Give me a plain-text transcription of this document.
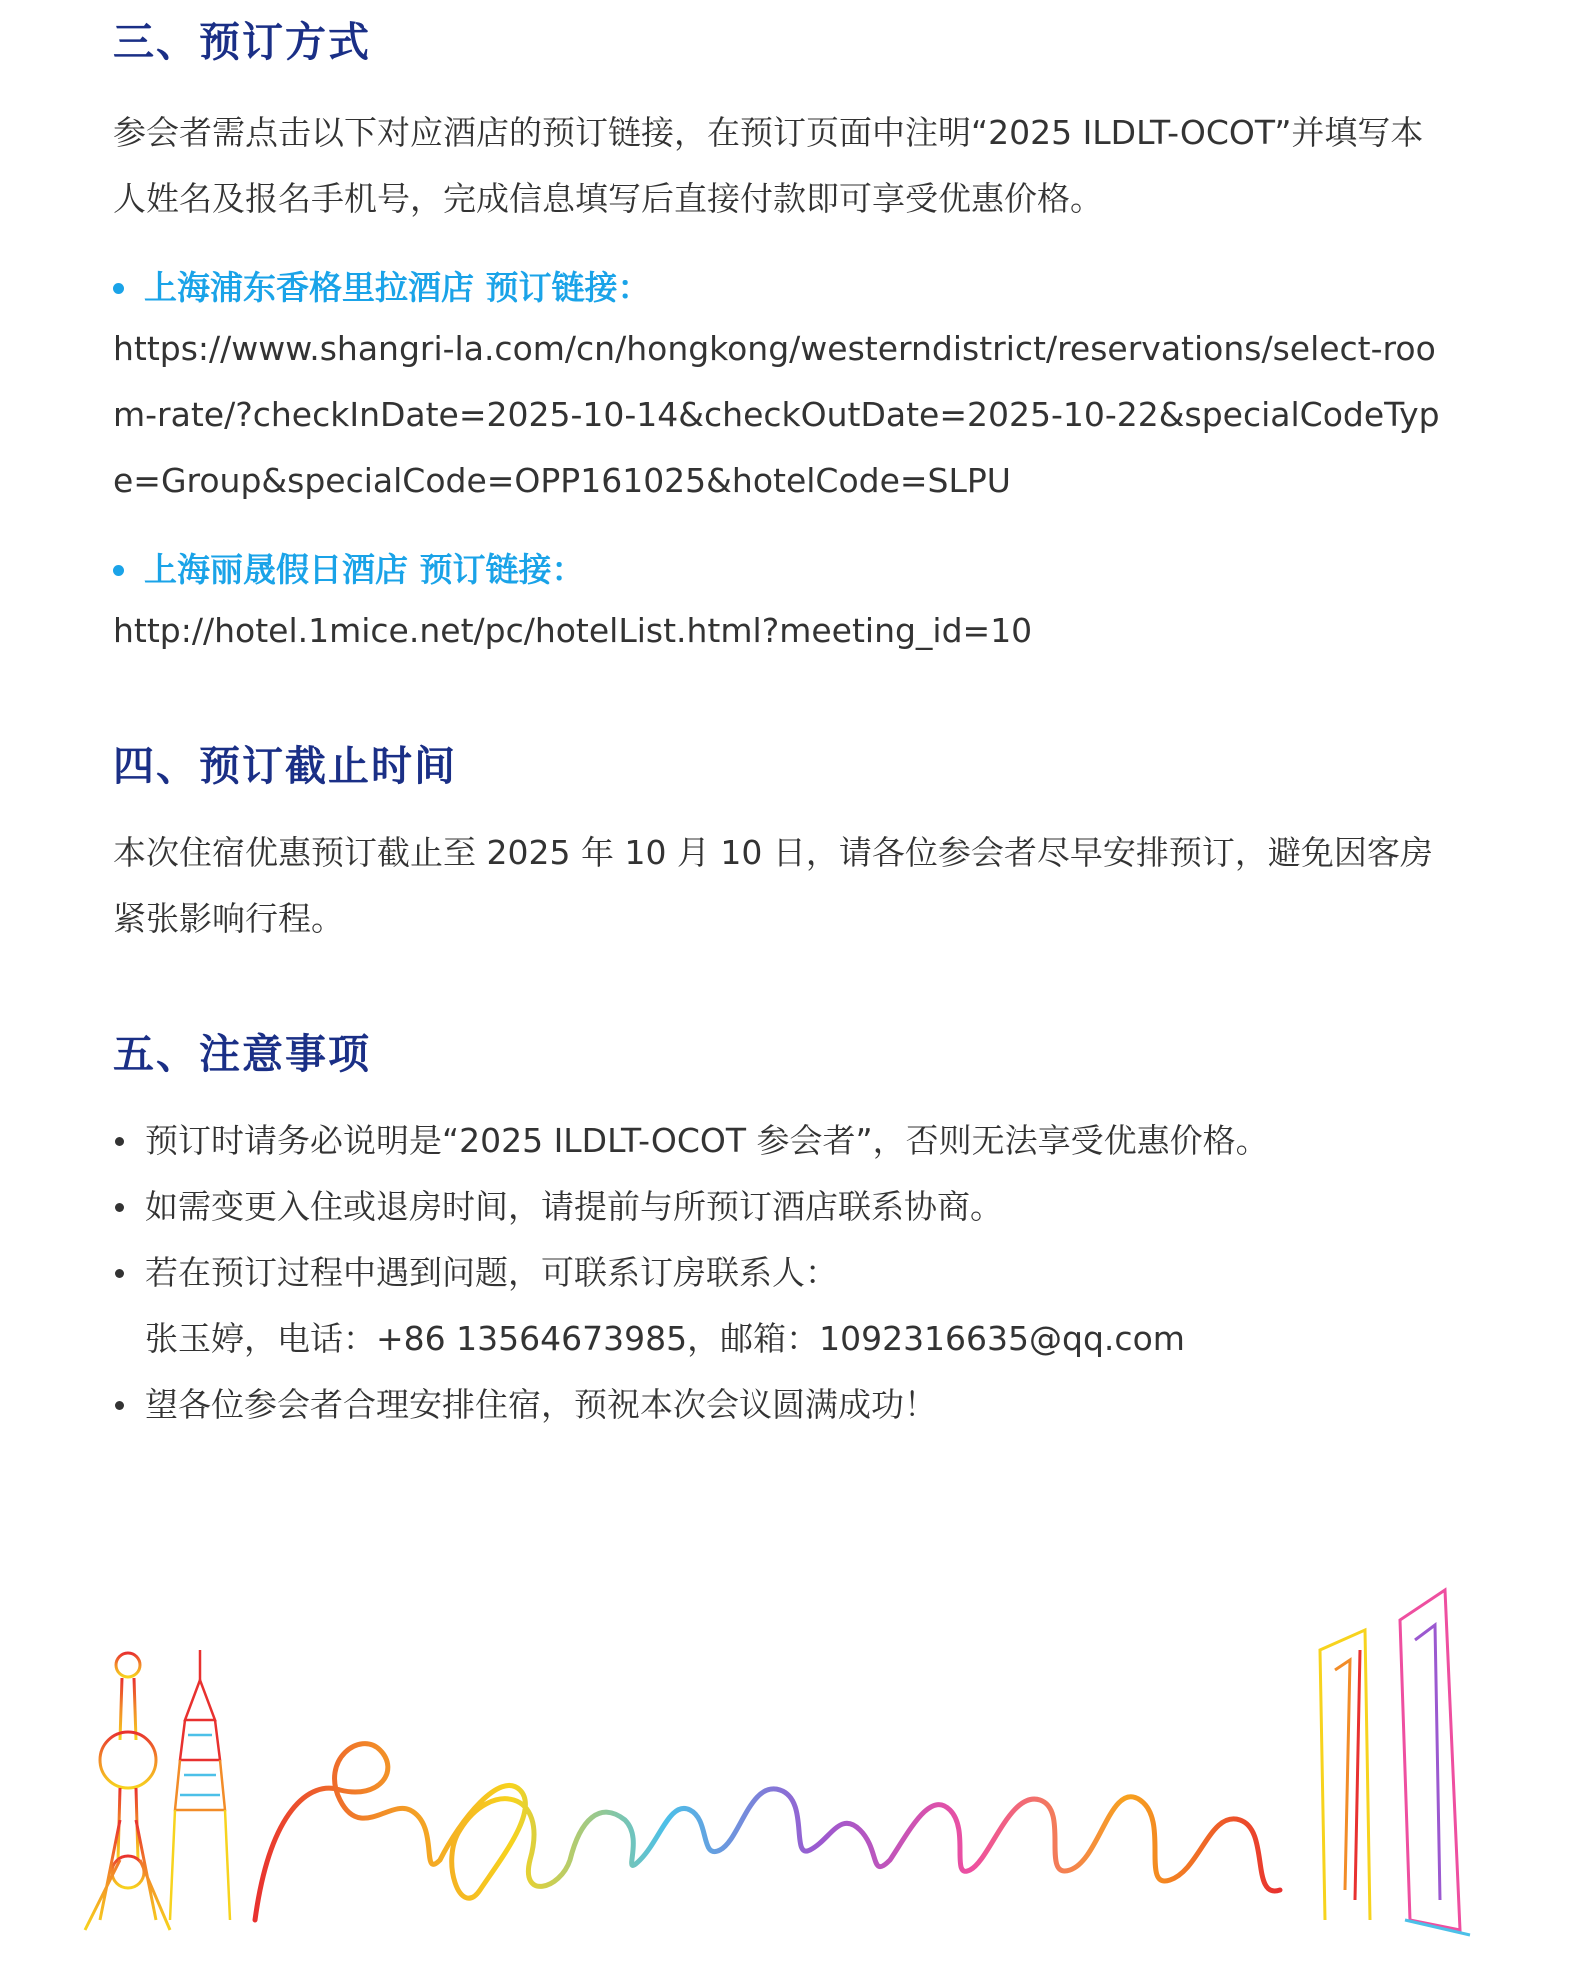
三、预订方式

参会者需点击以下对应酒店的预订链接，在预订页面中注明“2025 ILDLT-OCOT”并填写本人姓名及报名手机号，完成信息填写后直接付款即可享受优惠价格。

上海浦东香格里拉酒店 预订链接：

https://www.shangri-la.com/cn/hongkong/westerndistrict/reservations/select-room-rate/?checkInDate=2025-10-14&checkOutDate=2025-10-22&specialCodeType=Group&specialCode=OPP161025&hotelCode=SLPU

上海丽晟假日酒店 预订链接：

http://hotel.1mice.net/pc/hotelList.html?meeting_id=10

四、预订截止时间

本次住宿优惠预订截止至 2025 年 10 月 10 日，请各位参会者尽早安排预订，避免因客房紧张影响行程。

五、注意事项
预订时请务必说明是“2025 ILDLT-OCOT 参会者”，否则无法享受优惠价格。
如需变更入住或退房时间，请提前与所预订酒店联系协商。
若在预订过程中遇到问题，可联系订房联系人：
张玉婷，电话：+86 13564673985，邮箱：1092316635@qq.com
望各位参会者合理安排住宿，预祝本次会议圆满成功！
